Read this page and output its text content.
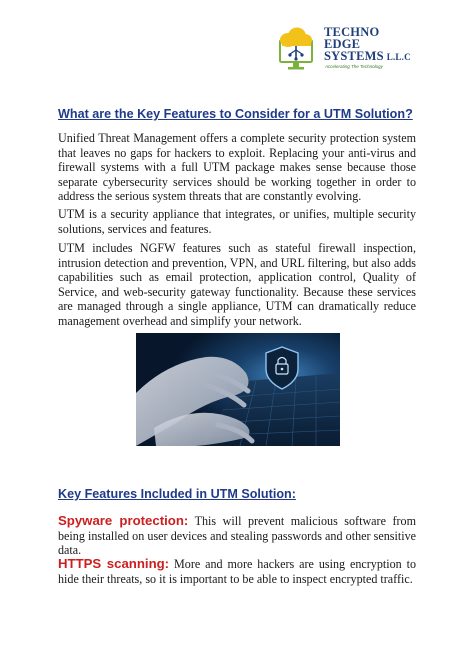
TECHNO
EDGE
SYSTEMS L.L.C
Accelerating The Technology
What are the Key Features to Consider for a UTM Solution?

Unified Threat Management offers a complete security protection system that leaves no gaps for hackers to exploit. Replacing your anti-virus and firewall systems with a full UTM package makes sense because those separate cybersecurity services should be working together in order to address the serious system threats that are constantly evolving.

UTM is a security appliance that integrates, or unifies, multiple security solutions, services and features.

UTM includes NGFW features such as stateful firewall inspection, intrusion detection and prevention, VPN, and URL filtering, but also adds capabilities such as email protection, application control, Quality of Service, and web-security gateway functionality. Because these services are managed through a single appliance, UTM can dramatically reduce management overhead and simplify your network.

Key Features Included in UTM Solution:

Spyware protection: This will prevent malicious software from being installed on user devices and stealing passwords and other sensitive data.

HTTPS scanning: More and more hackers are using encryption to hide their threats, so it is important to be able to inspect encrypted traffic.
